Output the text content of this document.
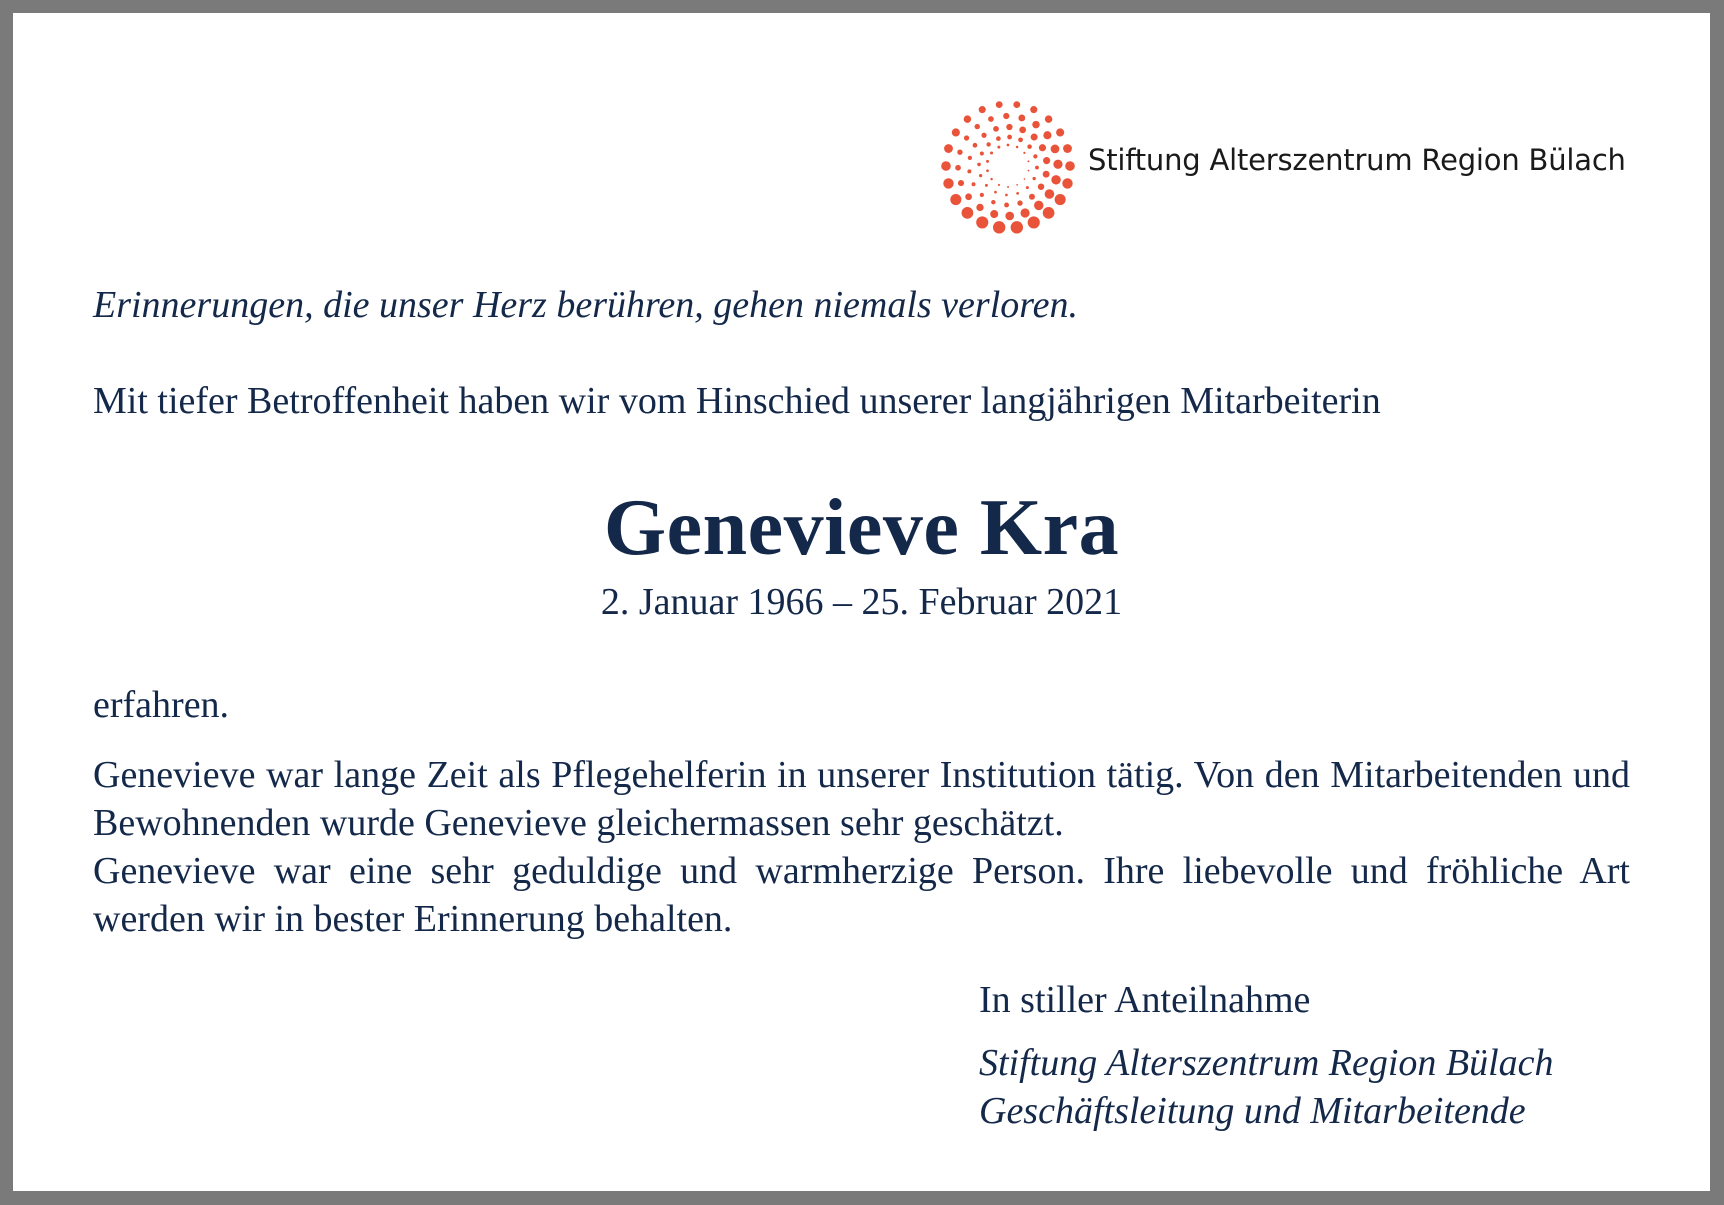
Stiftung Alterszentrum Region Bülach
Erinnerungen, die unser Herz berühren, gehen niemals verloren.
Mit tiefer Betroffenheit haben wir vom Hinschied unserer langjährigen Mitarbeiterin
Genevieve Kra
2. Januar 1966 – 25. Februar 2021
erfahren.

Genevieve war lange Zeit als Pflegehelferin in unserer Institution tätig. Von den Mitarbeitenden und Bewohnenden wurde Genevieve gleichermassen sehr geschätzt.

Genevieve war eine sehr geduldige und warmherzige Person. Ihre liebevolle und fröhliche Art werden wir in bester Erinnerung behalten.

In stiller Anteilnahme
Stiftung Alterszentrum Region Bülach
Geschäftsleitung und Mitarbeitende
